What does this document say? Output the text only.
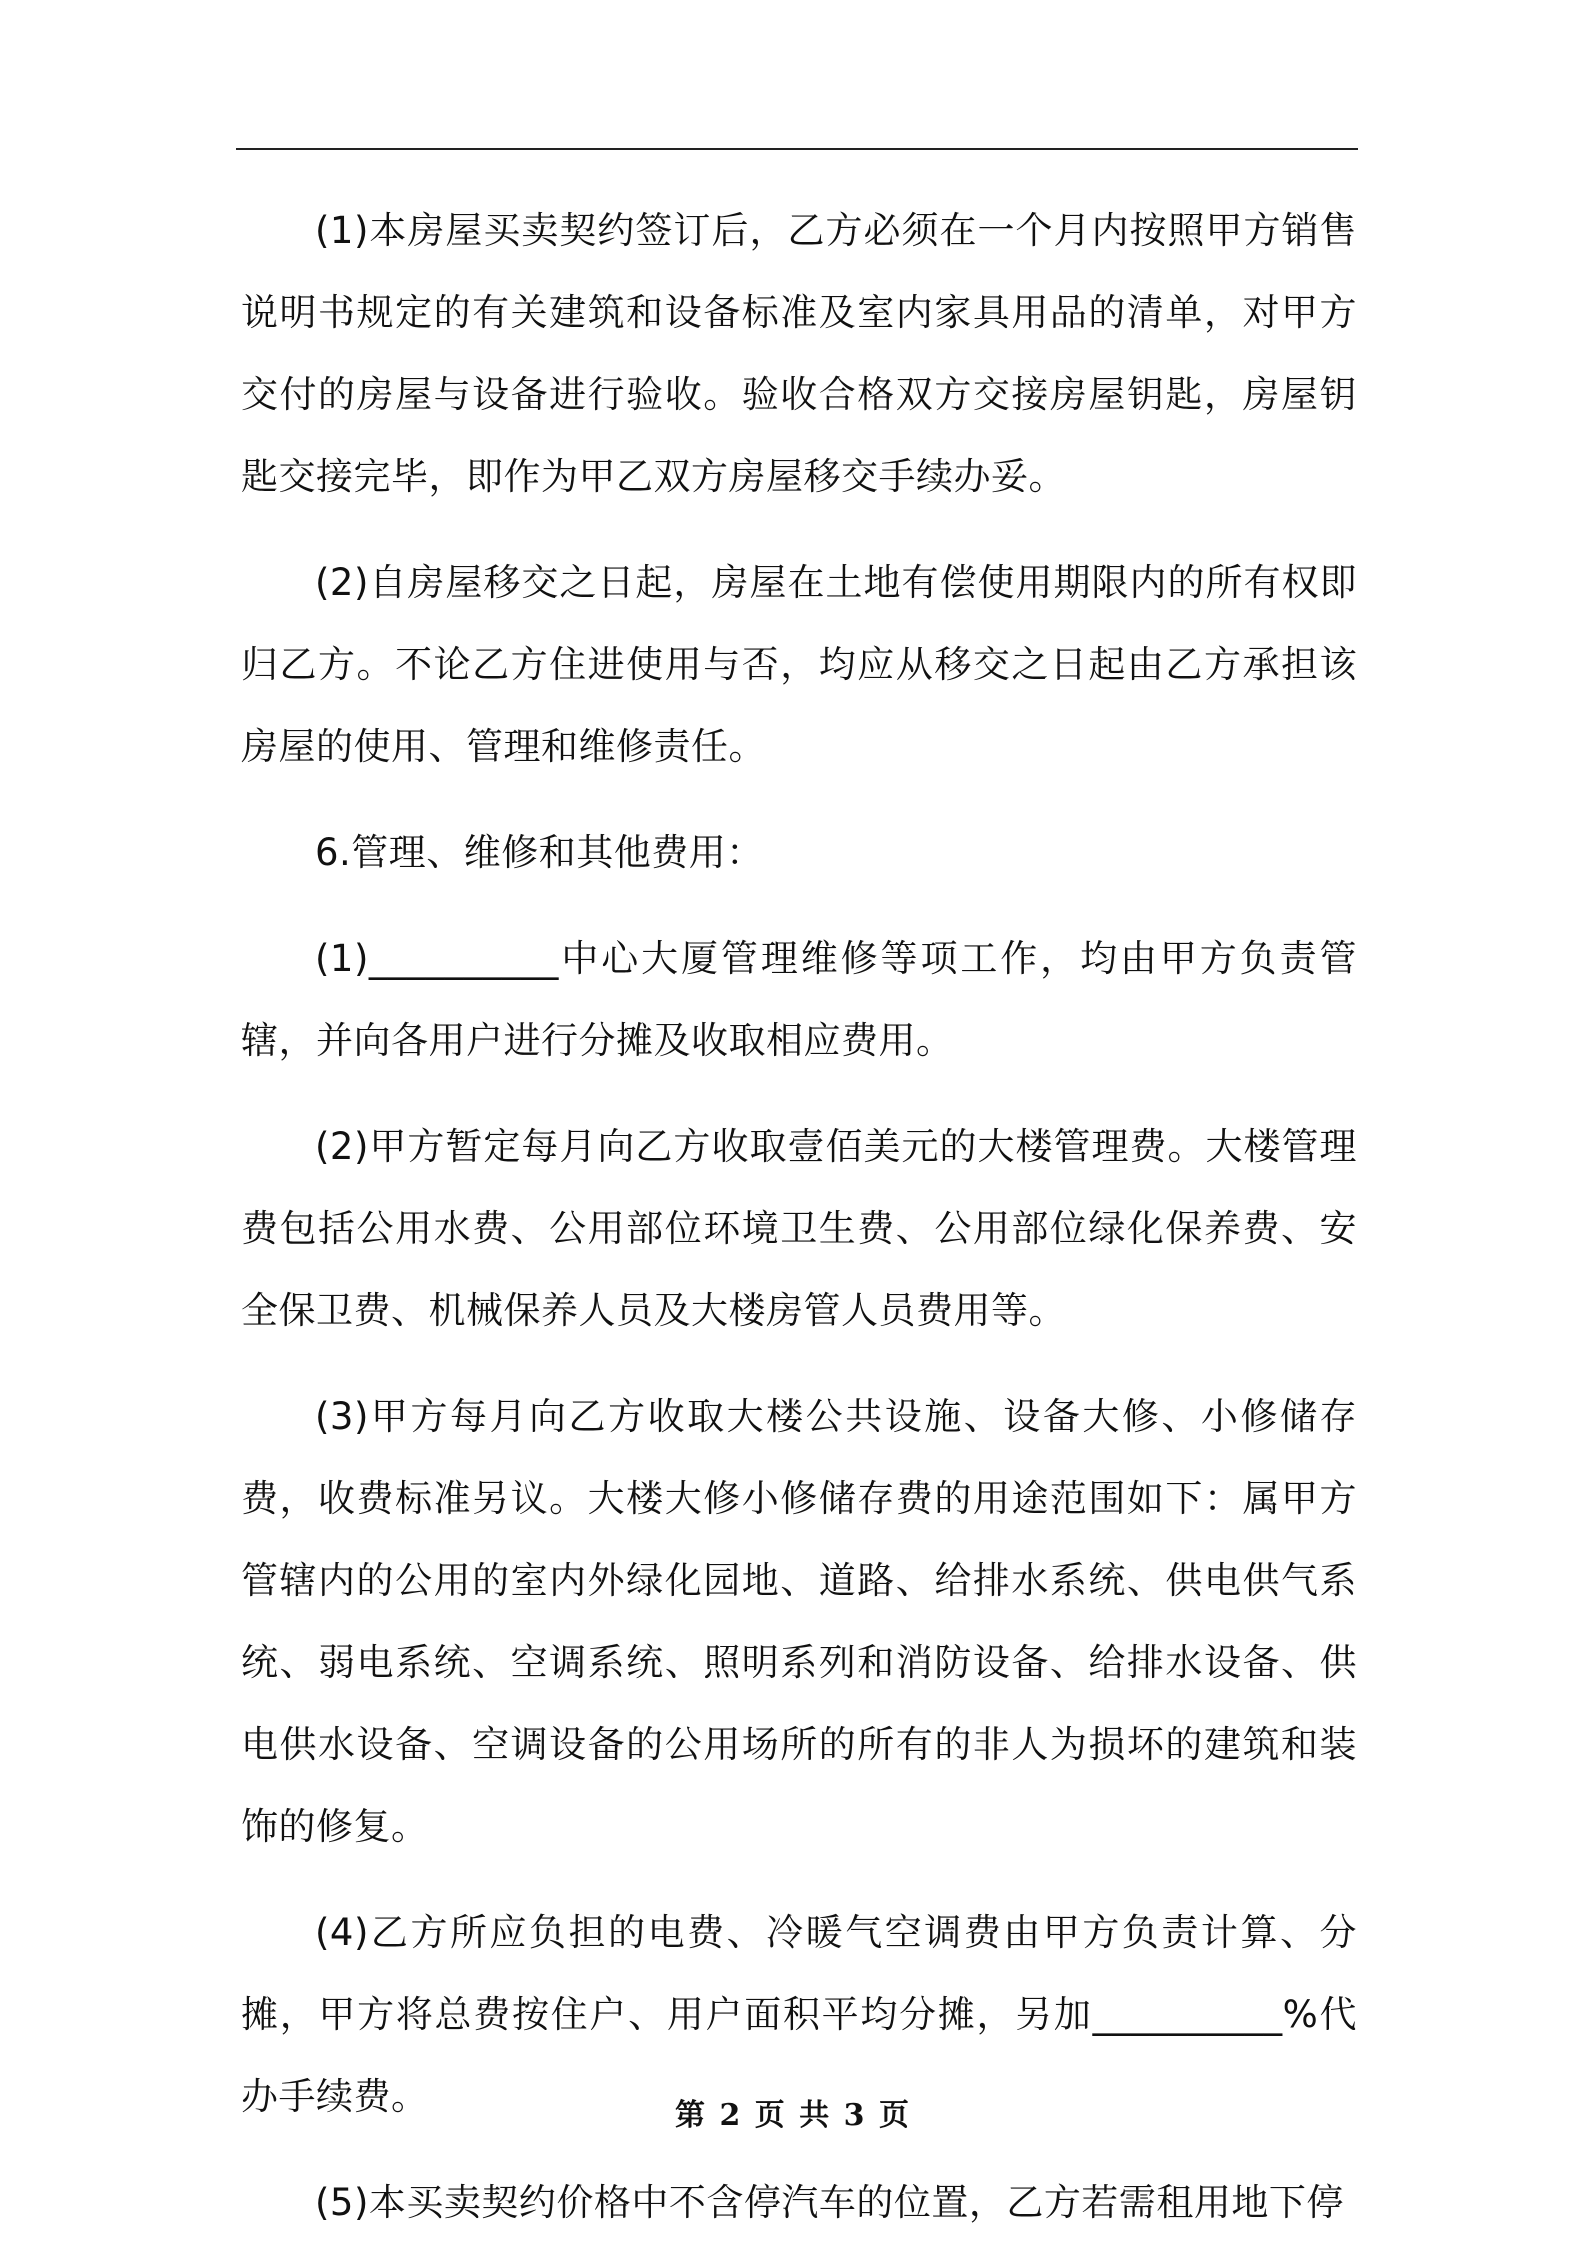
(1)本房屋买卖契约签订后，乙方必须在一个月内按照甲方销售说明书规定的有关建筑和设备标准及室内家具用品的清单，对甲方交付的房屋与设备进行验收。验收合格双方交接房屋钥匙，房屋钥匙交接完毕，即作为甲乙双方房屋移交手续办妥。

(2)自房屋移交之日起，房屋在土地有偿使用期限内的所有权即归乙方。不论乙方住进使用与否，均应从移交之日起由乙方承担该房屋的使用、管理和维修责任。

6.管理、维修和其他费用：

(1)__________中心大厦管理维修等项工作，均由甲方负责管辖，并向各用户进行分摊及收取相应费用。

(2)甲方暂定每月向乙方收取壹佰美元的大楼管理费。大楼管理费包括公用水费、公用部位环境卫生费、公用部位绿化保养费、安全保卫费、机械保养人员及大楼房管人员费用等。

(3)甲方每月向乙方收取大楼公共设施、设备大修、小修储存费，收费标准另议。大楼大修小修储存费的用途范围如下：属甲方管辖内的公用的室内外绿化园地、道路、给排水系统、供电供气系统、弱电系统、空调系统、照明系列和消防设备、给排水设备、供电供水设备、空调设备的公用场所的所有的非人为损坏的建筑和装饰的修复。

(4)乙方所应负担的电费、冷暖气空调费由甲方负责计算、分摊，甲方将总费按住户、用户面积平均分摊，另加__________%代办手续费。

(5)本买卖契约价格中不含停汽车的位置，乙方若需租用地下停

第 2 页 共 3 页
